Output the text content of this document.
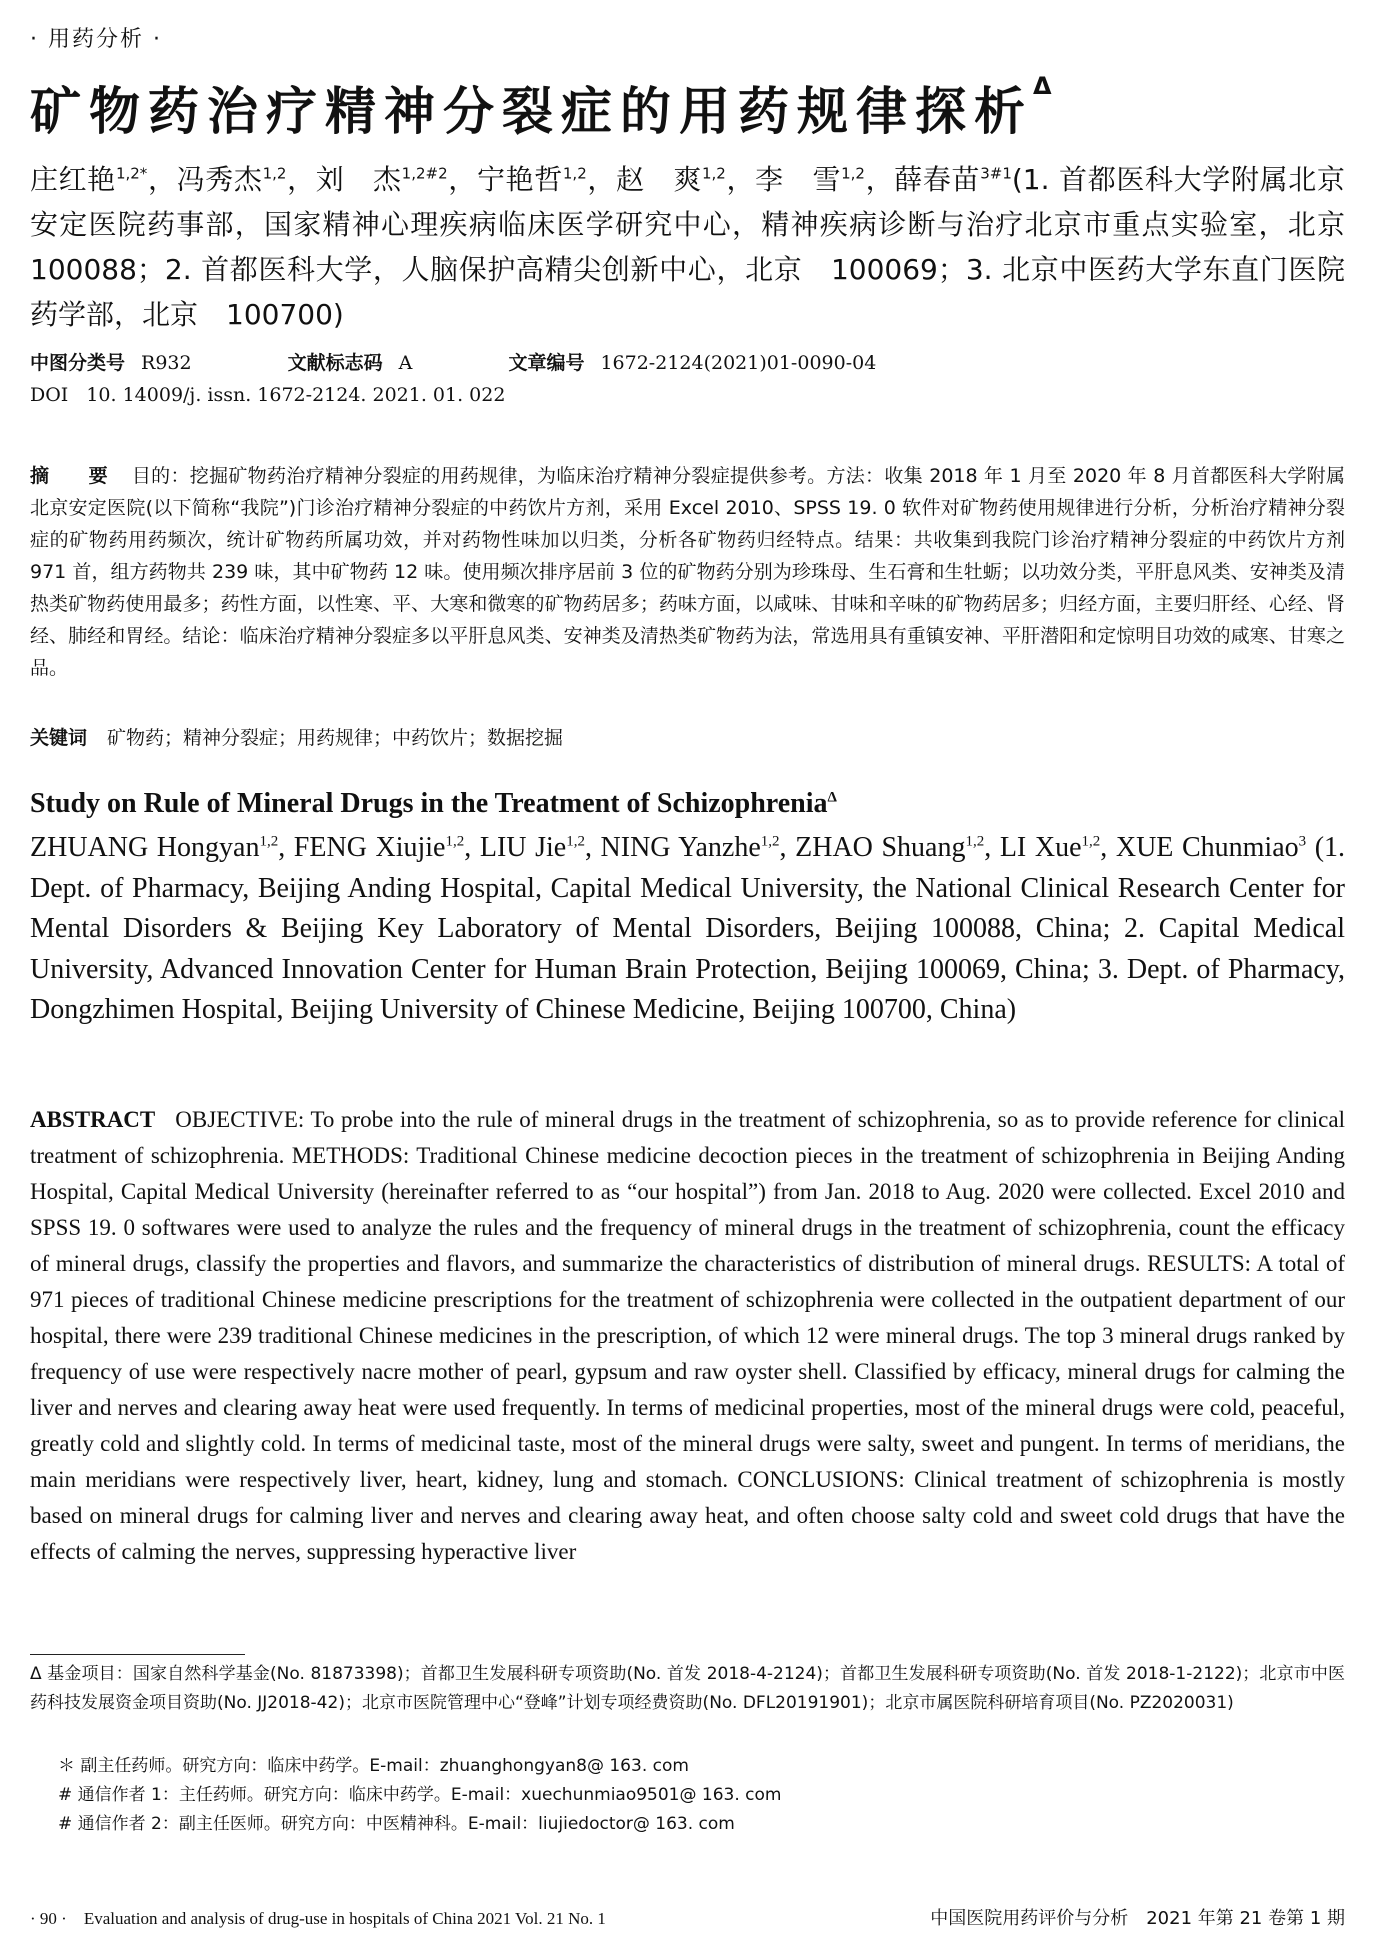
· 用药分析 ·
矿物药治疗精神分裂症的用药规律探析$^\Delta$
庄红艳$^{1,2*}$，冯秀杰$^{1,2}$，刘　杰$^{1,2\#2}$，宁艳哲$^{1,2}$，赵　爽$^{1,2}$，李　雪$^{1,2}$，薛春苗$^{3\#1}$(1. 首都医科大学附属北京安定医院药事部，国家精神心理疾病临床医学研究中心，精神疾病诊断与治疗北京市重点实验室，北京　100088；2. 首都医科大学，人脑保护高精尖创新中心，北京　100069；3. 北京中医药大学东直门医院药学部，北京　100700)
中图分类号 R932	文献标志码 A	文章编号 1672-2124(2021)01-0090-04
DOI 10. 14009/j. issn. 1672-2124. 2021. 01. 022
摘　要 目的：挖掘矿物药治疗精神分裂症的用药规律，为临床治疗精神分裂症提供参考。方法：收集 2018 年 1 月至 2020 年 8 月首都医科大学附属北京安定医院(以下简称“我院”)门诊治疗精神分裂症的中药饮片方剂，采用 Excel 2010、SPSS 19. 0 软件对矿物药使用规律进行分析，分析治疗精神分裂症的矿物药用药频次，统计矿物药所属功效，并对药物性味加以归类，分析各矿物药归经特点。结果：共收集到我院门诊治疗精神分裂症的中药饮片方剂 971 首，组方药物共 239 味，其中矿物药 12 味。使用频次排序居前 3 位的矿物药分别为珍珠母、生石膏和生牡蛎；以功效分类，平肝息风类、安神类及清热类矿物药使用最多；药性方面，以性寒、平、大寒和微寒的矿物药居多；药味方面，以咸味、甘味和辛味的矿物药居多；归经方面，主要归肝经、心经、肾经、肺经和胃经。结论：临床治疗精神分裂症多以平肝息风类、安神类及清热类矿物药为法，常选用具有重镇安神、平肝潜阳和定惊明目功效的咸寒、甘寒之品。
关键词 矿物药；精神分裂症；用药规律；中药饮片；数据挖掘
Study on Rule of Mineral Drugs in the Treatment of Schizophrenia$^\Delta$
ZHUANG Hongyan$^{1,2}$, FENG Xiujie$^{1,2}$, LIU Jie$^{1,2}$, NING Yanzhe$^{1,2}$, ZHAO Shuang$^{1,2}$, LI Xue$^{1,2}$, XUE Chunmiao$^3$ (1. Dept. of Pharmacy, Beijing Anding Hospital, Capital Medical University, the National Clinical Research Center for Mental Disorders & Beijing Key Laboratory of Mental Disorders, Beijing 100088, China; 2. Capital Medical University, Advanced Innovation Center for Human Brain Protection, Beijing 100069, China; 3. Dept. of Pharmacy, Dongzhimen Hospital, Beijing University of Chinese Medicine, Beijing 100700, China)
ABSTRACT OBJECTIVE: To probe into the rule of mineral drugs in the treatment of schizophrenia, so as to provide reference for clinical treatment of schizophrenia. METHODS: Traditional Chinese medicine decoction pieces in the treatment of schizophrenia in Beijing Anding Hospital, Capital Medical University (hereinafter referred to as “our hospital”) from Jan. 2018 to Aug. 2020 were collected. Excel 2010 and SPSS 19. 0 softwares were used to analyze the rules and the frequency of mineral drugs in the treatment of schizophrenia, count the efficacy of mineral drugs, classify the properties and flavors, and summarize the characteristics of distribution of mineral drugs. RESULTS: A total of 971 pieces of traditional Chinese medicine prescriptions for the treatment of schizophrenia were collected in the outpatient department of our hospital, there were 239 traditional Chinese medicines in the prescription, of which 12 were mineral drugs. The top 3 mineral drugs ranked by frequency of use were respectively nacre mother of pearl, gypsum and raw oyster shell. Classified by efficacy, mineral drugs for calming the liver and nerves and clearing away heat were used frequently. In terms of medicinal properties, most of the mineral drugs were cold, peaceful, greatly cold and slightly cold. In terms of medicinal taste, most of the mineral drugs were salty, sweet and pungent. In terms of meridians, the main meridians were respectively liver, heart, kidney, lung and stomach. CONCLUSIONS: Clinical treatment of schizophrenia is mostly based on mineral drugs for calming liver and nerves and clearing away heat, and often choose salty cold and sweet cold drugs that have the effects of calming the nerves, suppressing hyperactive liver
Δ 基金项目：国家自然科学基金(No. 81873398)；首都卫生发展科研专项资助(No. 首发 2018-4-2124)；首都卫生发展科研专项资助(No. 首发 2018-1-2122)；北京市中医药科技发展资金项目资助(No. JJ2018-42)；北京市医院管理中心“登峰”计划专项经费资助(No. DFL20191901)；北京市属医院科研培育项目(No. PZ2020031)
· 90 ·　Evaluation and analysis of drug-use in hospitals of China 2021 Vol. 21 No. 1	中国医院用药评价与分析　2021 年第 21 卷第 1 期
＊ 副主任药师。研究方向：临床中药学。E-mail：zhuanghongyan8@ 163. com
# 通信作者 1：主任药师。研究方向：临床中药学。E-mail：xuechunmiao9501@ 163. com
# 通信作者 2：副主任医师。研究方向：中医精神科。E-mail：liujiedoctor@ 163. com
